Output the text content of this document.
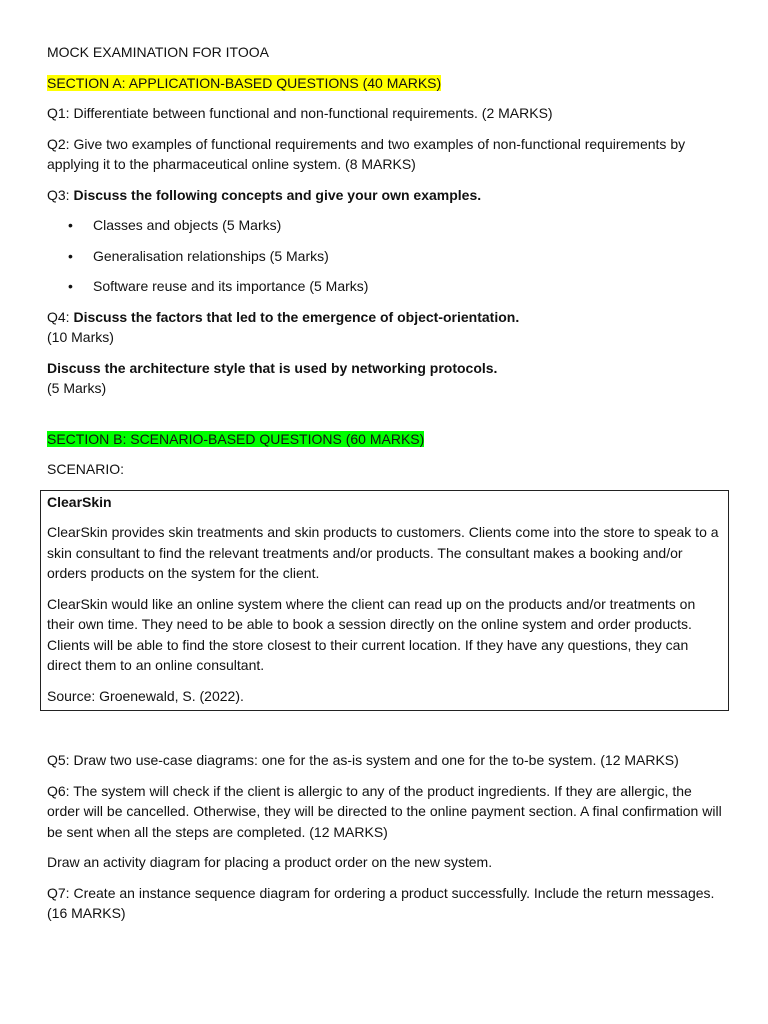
MOCK EXAMINATION FOR ITOOA

SECTION A: APPLICATION-BASED QUESTIONS (40 MARKS)

Q1: Differentiate between functional and non-functional requirements. (2 MARKS)

Q2: Give two examples of functional requirements and two examples of non-functional requirements by applying it to the pharmaceutical online system. (8 MARKS)

Q3: Discuss the following concepts and give your own examples.

• Classes and objects (5 Marks)
• Generalisation relationships (5 Marks)
• Software reuse and its importance (5 Marks)

Q4: Discuss the factors that led to the emergence of object-orientation.
(10 Marks)

Discuss the architecture style that is used by networking protocols.
(5 Marks)

SECTION B: SCENARIO-BASED QUESTIONS (60 MARKS)

SCENARIO:

ClearSkin

ClearSkin provides skin treatments and skin products to customers. Clients come into the store to speak to a skin consultant to find the relevant treatments and/or products. The consultant makes a booking and/or orders products on the system for the client.

ClearSkin would like an online system where the client can read up on the products and/or treatments on their own time. They need to be able to book a session directly on the online system and order products. Clients will be able to find the store closest to their current location. If they have any questions, they can direct them to an online consultant.

Source: Groenewald, S. (2022).

Q5: Draw two use-case diagrams: one for the as-is system and one for the to-be system. (12 MARKS)

Q6: The system will check if the client is allergic to any of the product ingredients. If they are allergic, the order will be cancelled. Otherwise, they will be directed to the online payment section. A final confirmation will be sent when all the steps are completed. (12 MARKS)

Draw an activity diagram for placing a product order on the new system.

Q7: Create an instance sequence diagram for ordering a product successfully. Include the return messages. (16 MARKS)
